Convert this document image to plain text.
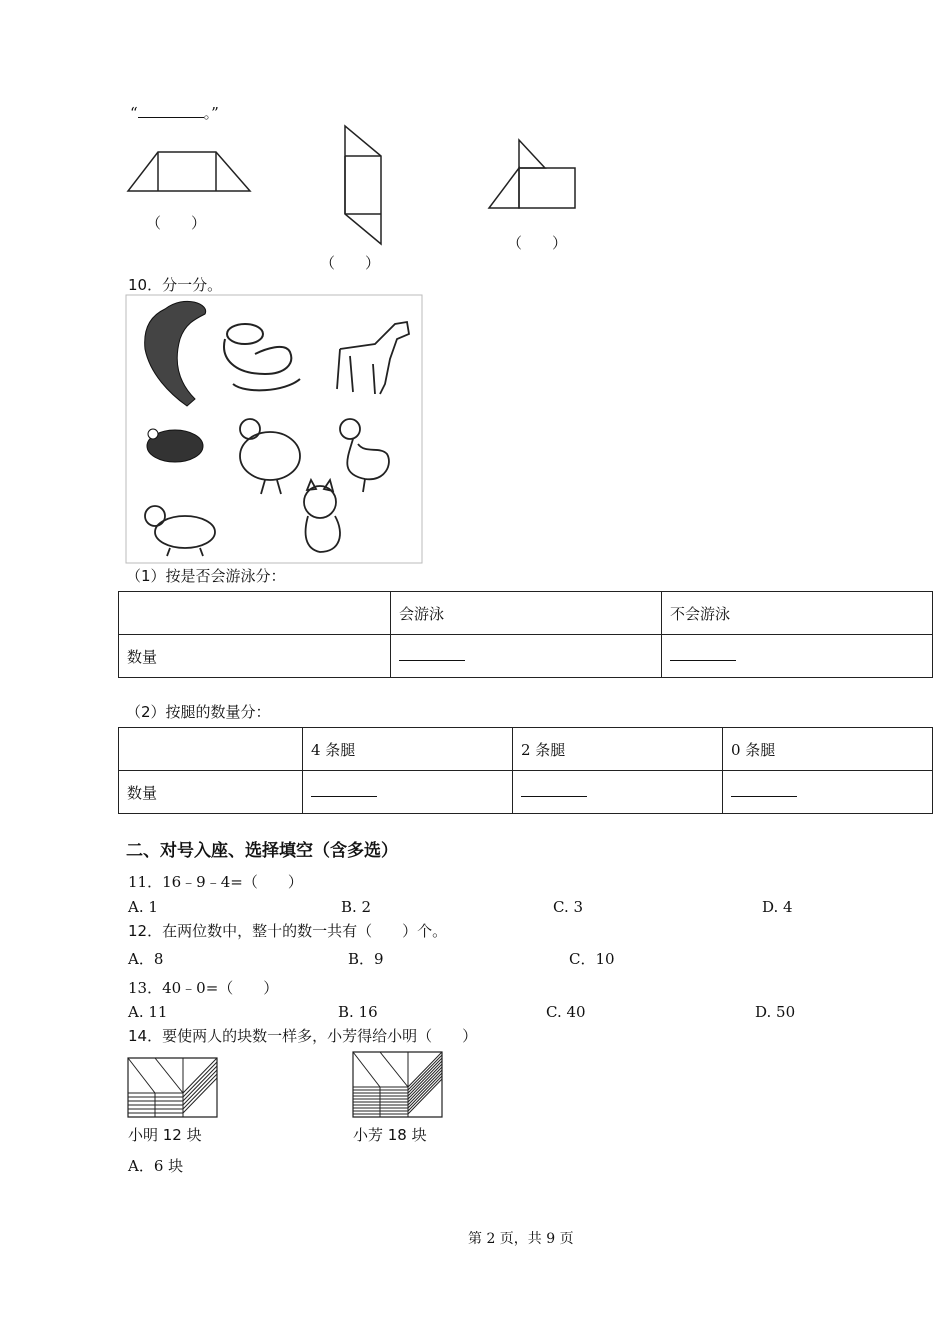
“	。”
（　　）
（　　）
（　　）
10．分一分。
（1）按是否会游泳分：
	会游泳	不会游泳
数量		
（2）按腿的数量分：
	4 条腿	2 条腿	0 条腿
数量			
二、对号入座、选择填空（含多选）
11．16﹣9﹣4=（　　）
A. 1	B. 2	C. 3	D. 4
12．在两位数中，整十的数一共有（　　）个。
A．8	B．9	C．10
13．40﹣0=（　　）
A. 11	B. 16	C. 40	D. 50
14．要使两人的块数一样多，小芳得给小明（　　）
小明 12 块	小芳 18 块
A．6 块
第 2 页，共 9 页
